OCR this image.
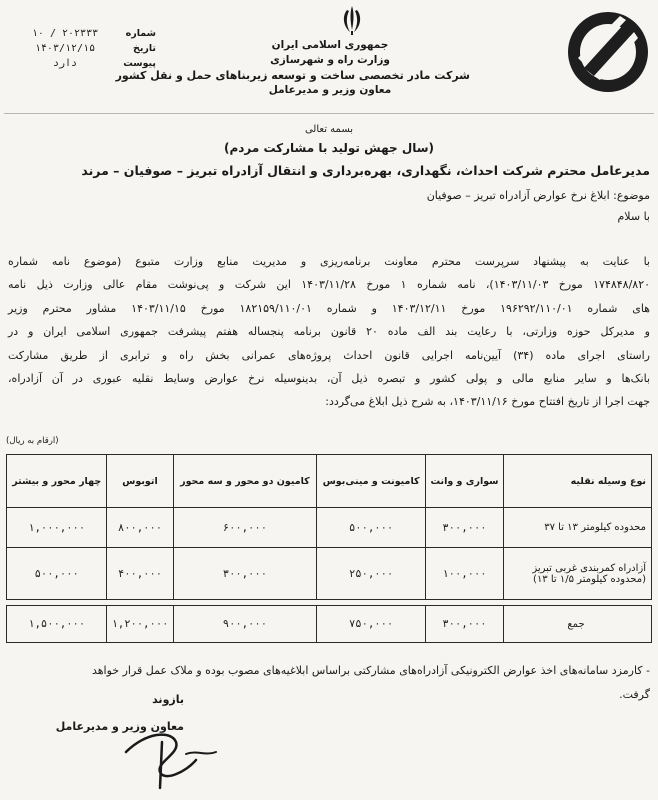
جمهوری اسلامی ایران
وزارت راه و شهرسازی
شرکت مادر تخصصی ساخت و توسعه زیربناهای حمل و نقل کشور
معاون وزیر و مدیرعامل
شماره
۲۰۲۳۳۳ / ۱۰
تاریخ
۱۴۰۳/۱۲/۱۵
پیوست
دارد
بسمه تعالی
(سال جهش تولید با مشارکت مردم)
مدیرعامل محترم شرکت احداث، نگهداری، بهره‌برداری و انتقال آزادراه تبریز – صوفیان – مرند
موضوع: ابلاغ نرخ عوارض آزادراه تبریز – صوفیان
با سلام
با عنایت به پیشنهاد سرپرست محترم معاونت برنامه‌ریزی و مدیریت منابع وزارت متبوع (موضوع نامه شماره
۱۷۴۸۴۸/۸۲۰ مورخ ۱۴۰۳/۱۱/۰۳)، نامه شماره ۱ مورخ ۱۴۰۳/۱۱/۲۸ این شرکت و پی‌نوشت مقام عالی وزارت ذیل نامه
های شماره ۱۹۶۲۹۲/۱۱۰/۰۱ مورخ ۱۴۰۳/۱۲/۱۱ و شماره ۱۸۲۱۵۹/۱۱۰/۰۱ مورخ ۱۴۰۳/۱۱/۱۵ مشاور محترم وزیر
و مدیرکل حوزه وزارتی، با رعایت بند الف ماده ۲۰ قانون برنامه پنجساله هفتم پیشرفت جمهوری اسلامی ایران و در
راستای اجرای ماده (۳۴) آیین‌نامه اجرایی قانون احداث پروژه‌های عمرانی بخش راه و ترابری از طریق مشارکت
بانک‌ها و سایر منابع مالی و پولی کشور و تبصره ذیل آن، بدینوسیله نرخ عوارض وسایط نقلیه عبوری در آن آزادراه،
جهت اجرا از تاریخ افتتاح مورخ ۱۴۰۳/۱۱/۱۶، به شرح ذیل ابلاغ می‌گردد:
(ارقام به ریال)
نوع وسیله نقلیه	سواری و وانت	کامیونت و مینی‌بوس	کامیون دو محور و سه محور	اتوبوس	چهار محور و بیشتر
محدوده کیلومتر ۱۳ تا ۳۷	۳۰۰,۰۰۰	۵۰۰,۰۰۰	۶۰۰,۰۰۰	۸۰۰,۰۰۰	۱,۰۰۰,۰۰۰
آزادراه کمربندی غربی تبریز (محدوده کیلومتر ۱/۵ تا ۱۳)	۱۰۰,۰۰۰	۲۵۰,۰۰۰	۳۰۰,۰۰۰	۴۰۰,۰۰۰	۵۰۰,۰۰۰

جمع	۳۰۰,۰۰۰	۷۵۰,۰۰۰	۹۰۰,۰۰۰	۱,۲۰۰,۰۰۰	۱,۵۰۰,۰۰۰
- کارمزد سامانه‌های اخذ عوارض الکترونیکی آزادراه‌های مشارکتی براساس ابلاغیه‌های مصوب بوده و ملاک عمل قرار خواهد
گرفت.
بازوند
معاون وزیر و مدیرعامل
